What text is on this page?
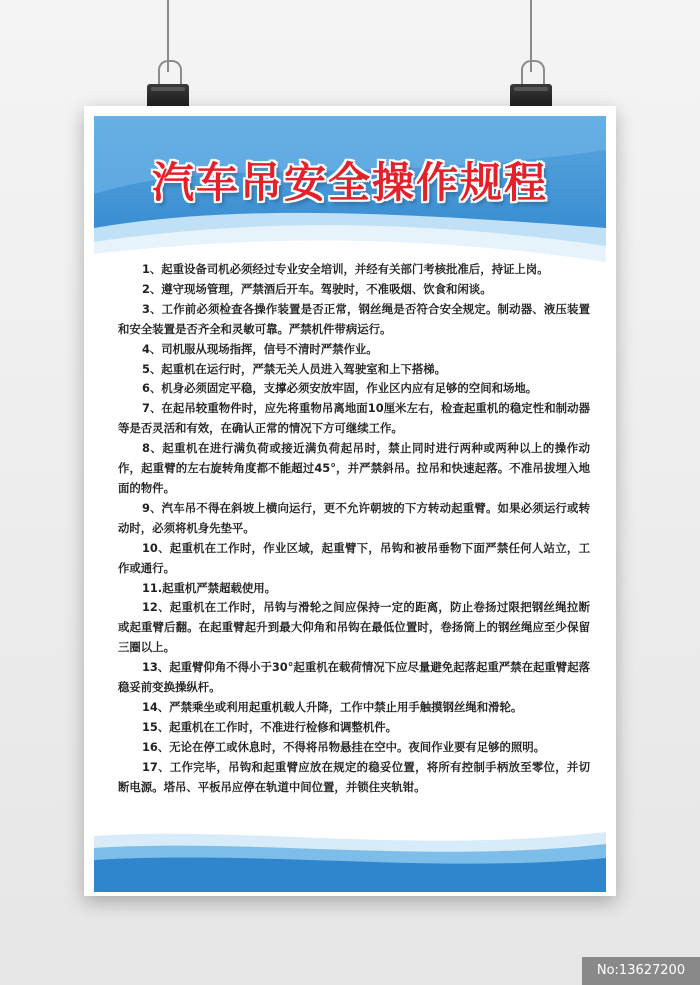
汽车吊安全操作规程

1、起重设备司机必须经过专业安全培训，并经有关部门考核批准后，持证上岗。

2、遵守现场管理，严禁酒后开车。驾驶时，不准吸烟、饮食和闲谈。

3、工作前必须检查各操作装置是否正常，钢丝绳是否符合安全规定。制动器、液压装置和安全装置是否齐全和灵敏可靠。严禁机件带病运行。

4、司机服从现场指挥，信号不清时严禁作业。

5、起重机在运行时，严禁无关人员进入驾驶室和上下搭梯。

6、机身必须固定平稳，支撑必须安放牢固，作业区内应有足够的空间和场地。

7、在起吊较重物件时，应先将重物吊离地面10厘米左右，检查起重机的稳定性和制动器等是否灵活和有效，在确认正常的情况下方可继续工作。

8、起重机在进行满负荷或接近满负荷起吊时，禁止同时进行两种或两种以上的操作动作，起重臂的左右旋转角度都不能超过45°，并严禁斜吊。拉吊和快速起落。不准吊拔埋入地面的物件。

9、汽车吊不得在斜坡上横向运行，更不允许朝坡的下方转动起重臂。如果必须运行或转动时，必须将机身先垫平。

10、起重机在工作时，作业区域，起重臂下，吊钩和被吊垂物下面严禁任何人站立，工作或通行。

11.起重机严禁超载使用。

12、起重机在工作时，吊钩与滑轮之间应保持一定的距离，防止卷扬过限把钢丝绳拉断或起重臂后翻。在起重臂起升到最大仰角和吊钩在最低位置时，卷扬筒上的钢丝绳应至少保留三圈以上。

13、起重臂仰角不得小于30°起重机在载荷情况下应尽量避免起落起重严禁在起重臂起落稳妥前变换操纵杆。

14、严禁乘坐或利用起重机载人升降，工作中禁止用手触摸钢丝绳和滑轮。

15、起重机在工作时，不准进行检修和调整机件。

16、无论在停工或休息时，不得将吊物悬挂在空中。夜间作业要有足够的照明。

17、工作完毕，吊钩和起重臂应放在规定的稳妥位置，将所有控制手柄放至零位，并切断电源。塔吊、平板吊应停在轨道中间位置，并锁住夹轨钳。

No:13627200
